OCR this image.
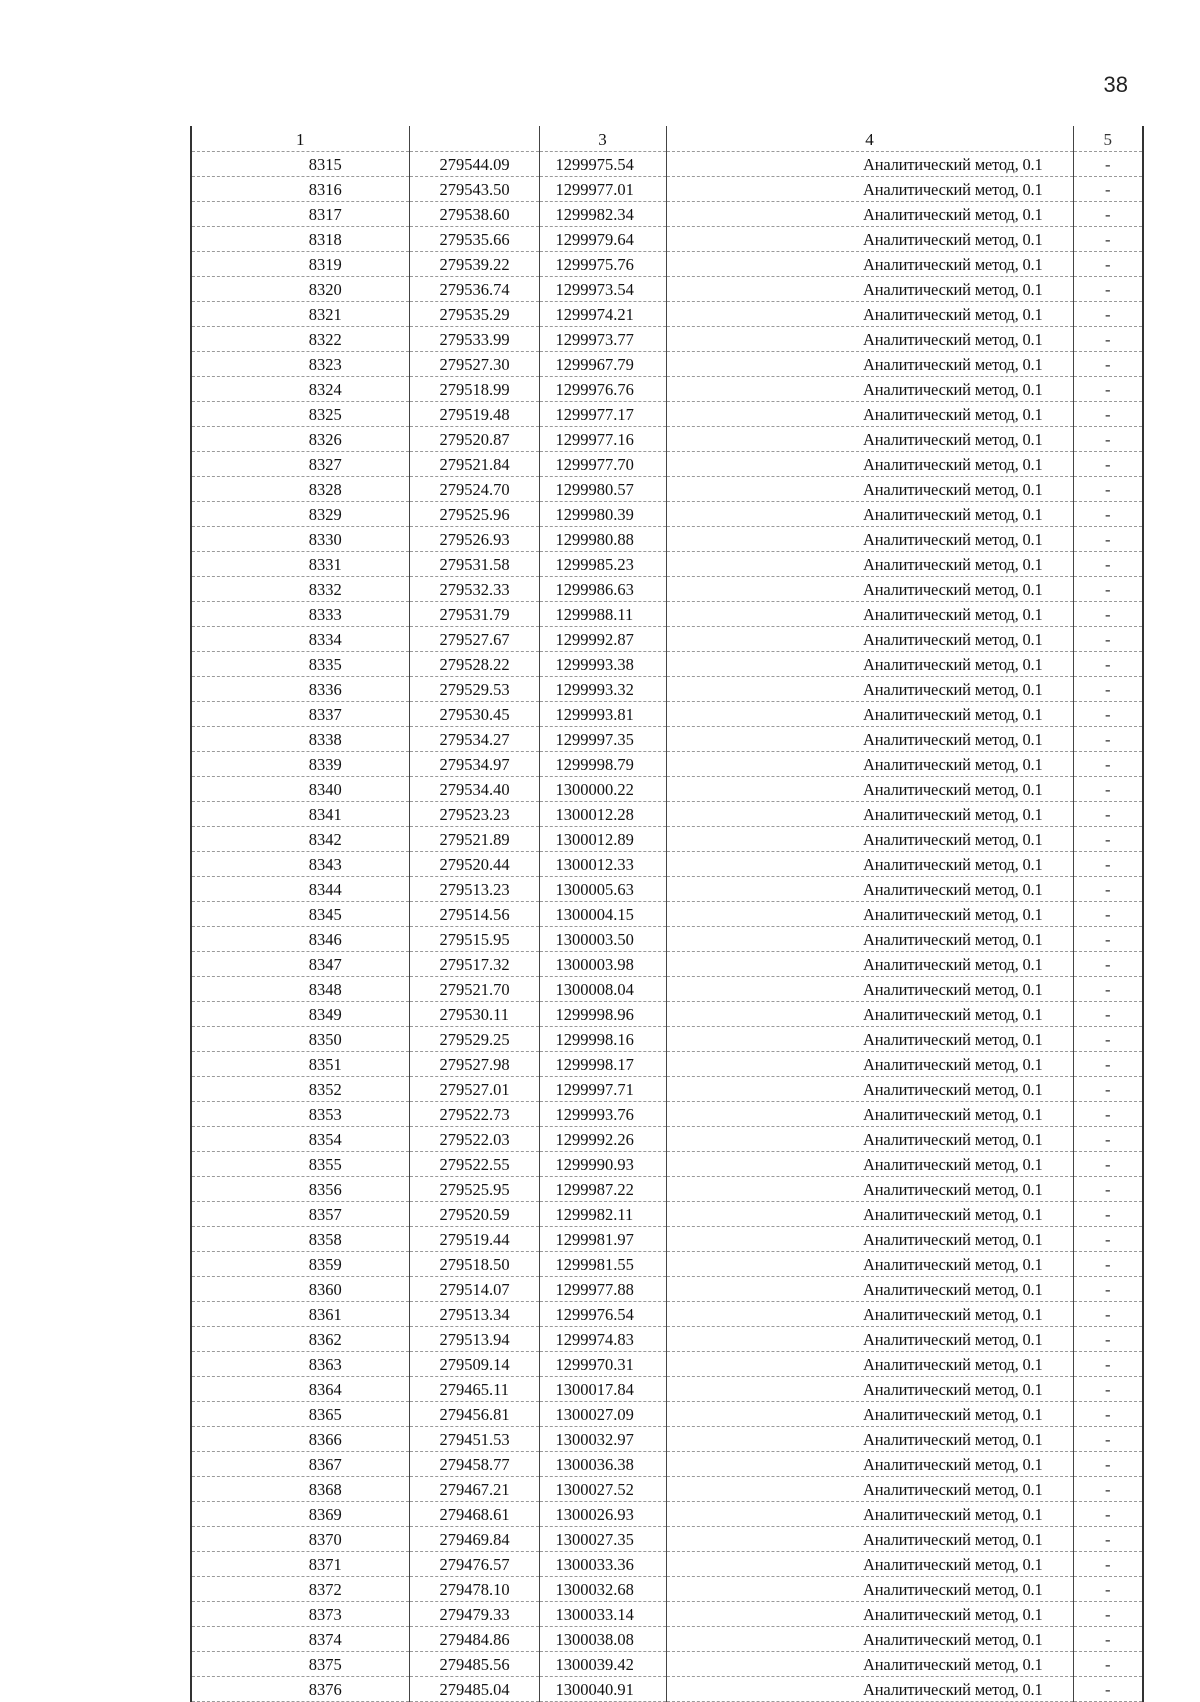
38
1		3	4	5
8315	279544.09	1299975.54	Аналитический метод, 0.1	-
8316	279543.50	1299977.01	Аналитический метод, 0.1	-
8317	279538.60	1299982.34	Аналитический метод, 0.1	-
8318	279535.66	1299979.64	Аналитический метод, 0.1	-
8319	279539.22	1299975.76	Аналитический метод, 0.1	-
8320	279536.74	1299973.54	Аналитический метод, 0.1	-
8321	279535.29	1299974.21	Аналитический метод, 0.1	-
8322	279533.99	1299973.77	Аналитический метод, 0.1	-
8323	279527.30	1299967.79	Аналитический метод, 0.1	-
8324	279518.99	1299976.76	Аналитический метод, 0.1	-
8325	279519.48	1299977.17	Аналитический метод, 0.1	-
8326	279520.87	1299977.16	Аналитический метод, 0.1	-
8327	279521.84	1299977.70	Аналитический метод, 0.1	-
8328	279524.70	1299980.57	Аналитический метод, 0.1	-
8329	279525.96	1299980.39	Аналитический метод, 0.1	-
8330	279526.93	1299980.88	Аналитический метод, 0.1	-
8331	279531.58	1299985.23	Аналитический метод, 0.1	-
8332	279532.33	1299986.63	Аналитический метод, 0.1	-
8333	279531.79	1299988.11	Аналитический метод, 0.1	-
8334	279527.67	1299992.87	Аналитический метод, 0.1	-
8335	279528.22	1299993.38	Аналитический метод, 0.1	-
8336	279529.53	1299993.32	Аналитический метод, 0.1	-
8337	279530.45	1299993.81	Аналитический метод, 0.1	-
8338	279534.27	1299997.35	Аналитический метод, 0.1	-
8339	279534.97	1299998.79	Аналитический метод, 0.1	-
8340	279534.40	1300000.22	Аналитический метод, 0.1	-
8341	279523.23	1300012.28	Аналитический метод, 0.1	-
8342	279521.89	1300012.89	Аналитический метод, 0.1	-
8343	279520.44	1300012.33	Аналитический метод, 0.1	-
8344	279513.23	1300005.63	Аналитический метод, 0.1	-
8345	279514.56	1300004.15	Аналитический метод, 0.1	-
8346	279515.95	1300003.50	Аналитический метод, 0.1	-
8347	279517.32	1300003.98	Аналитический метод, 0.1	-
8348	279521.70	1300008.04	Аналитический метод, 0.1	-
8349	279530.11	1299998.96	Аналитический метод, 0.1	-
8350	279529.25	1299998.16	Аналитический метод, 0.1	-
8351	279527.98	1299998.17	Аналитический метод, 0.1	-
8352	279527.01	1299997.71	Аналитический метод, 0.1	-
8353	279522.73	1299993.76	Аналитический метод, 0.1	-
8354	279522.03	1299992.26	Аналитический метод, 0.1	-
8355	279522.55	1299990.93	Аналитический метод, 0.1	-
8356	279525.95	1299987.22	Аналитический метод, 0.1	-
8357	279520.59	1299982.11	Аналитический метод, 0.1	-
8358	279519.44	1299981.97	Аналитический метод, 0.1	-
8359	279518.50	1299981.55	Аналитический метод, 0.1	-
8360	279514.07	1299977.88	Аналитический метод, 0.1	-
8361	279513.34	1299976.54	Аналитический метод, 0.1	-
8362	279513.94	1299974.83	Аналитический метод, 0.1	-
8363	279509.14	1299970.31	Аналитический метод, 0.1	-
8364	279465.11	1300017.84	Аналитический метод, 0.1	-
8365	279456.81	1300027.09	Аналитический метод, 0.1	-
8366	279451.53	1300032.97	Аналитический метод, 0.1	-
8367	279458.77	1300036.38	Аналитический метод, 0.1	-
8368	279467.21	1300027.52	Аналитический метод, 0.1	-
8369	279468.61	1300026.93	Аналитический метод, 0.1	-
8370	279469.84	1300027.35	Аналитический метод, 0.1	-
8371	279476.57	1300033.36	Аналитический метод, 0.1	-
8372	279478.10	1300032.68	Аналитический метод, 0.1	-
8373	279479.33	1300033.14	Аналитический метод, 0.1	-
8374	279484.86	1300038.08	Аналитический метод, 0.1	-
8375	279485.56	1300039.42	Аналитический метод, 0.1	-
8376	279485.04	1300040.91	Аналитический метод, 0.1	-
